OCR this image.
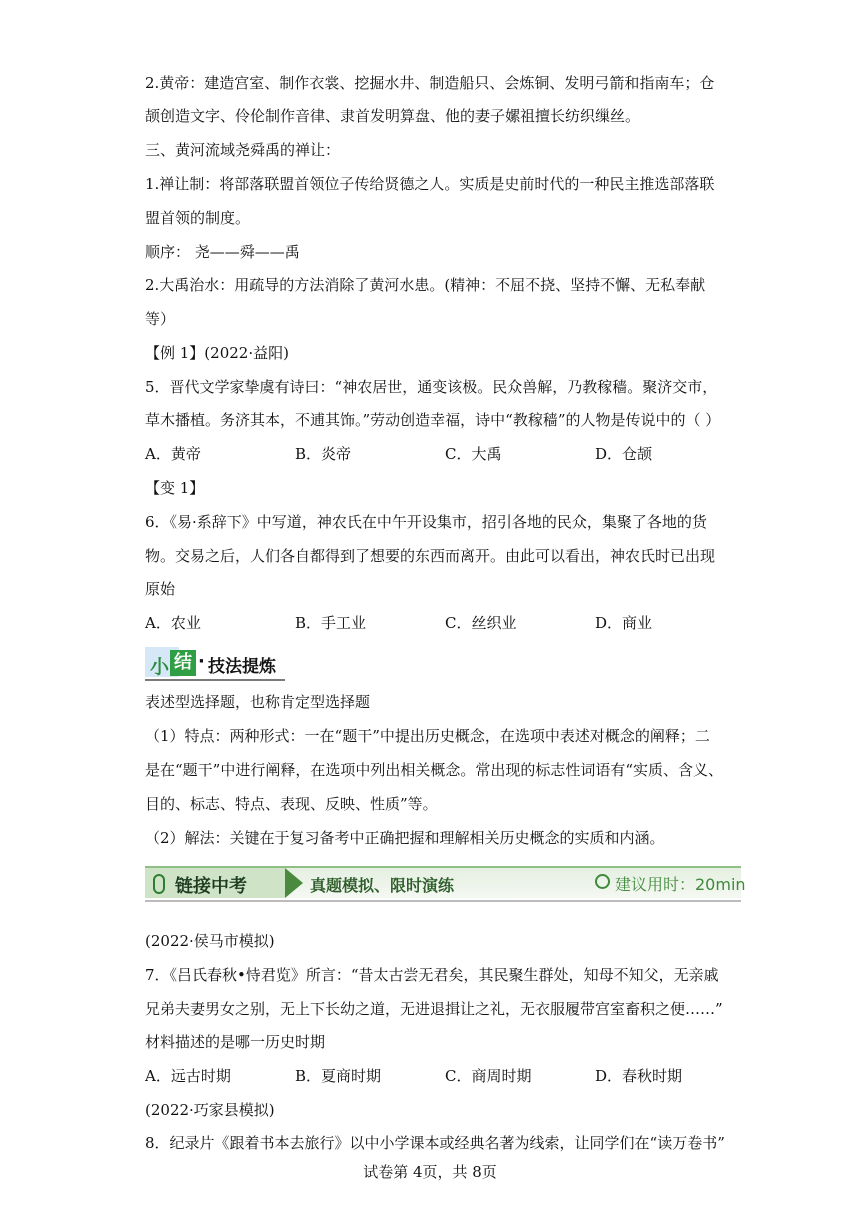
2.黄帝：建造宫室、制作衣裳、挖掘水井、制造船只、会炼铜、发明弓箭和指南车；仓
颉创造文字、伶伦制作音律、隶首发明算盘、他的妻子嫘祖擅长纺织缫丝。
三、黄河流域尧舜禹的禅让：
1.禅让制：将部落联盟首领位子传给贤德之人。实质是史前时代的一种民主推选部落联
盟首领的制度。
顺序： 尧——舜——禹
2.大禹治水：用疏导的方法消除了黄河水患。(精神：不屈不挠、坚持不懈、无私奉献
等）
【例 1】(2022·益阳)
5．晋代文学家挚虞有诗曰：“神农居世，通变该极。民众兽解，乃教稼穑。聚济交市，
草木播植。务济其本，不逋其饰。”劳动创造幸福，诗中“教稼穑”的人物是传说中的（ ）
A．黄帝	B．炎帝	C．大禹	D．仓颉
【变 1】
6．《易·系辞下》中写道，神农氏在中午开设集市，招引各地的民众，集聚了各地的货
物。交易之后，人们各自都得到了想要的东西而离开。由此可以看出，神农氏时已出现
原始
A．农业	B．手工业	C．丝织业	D．商业
小 结 · 技法提炼
表述型选择题，也称肯定型选择题
（1）特点：两种形式：一在“题干”中提出历史概念，在选项中表述对概念的阐释；二
是在“题干”中进行阐释，在选项中列出相关概念。常出现的标志性词语有“实质、含义、
目的、标志、特点、表现、反映、性质”等。
（2）解法：关键在于复习备考中正确把握和理解相关历史概念的实质和内涵。
链接中考	真题模拟、限时演练	建议用时：20min
(2022·侯马市模拟)
7．《吕氏春秋•恃君览》所言：“昔太古尝无君矣，其民聚生群处，知母不知父，无亲戚
兄弟夫妻男女之别，无上下长幼之道，无进退揖让之礼，无衣服履带宫室畜积之便……”
材料描述的是哪一历史时期
A．远古时期	B．夏商时期	C．商周时期	D．春秋时期
(2022·巧家县模拟)
8．纪录片《跟着书本去旅行》以中小学课本或经典名著为线索，让同学们在“读万卷书”
试卷第 4页，共 8页
